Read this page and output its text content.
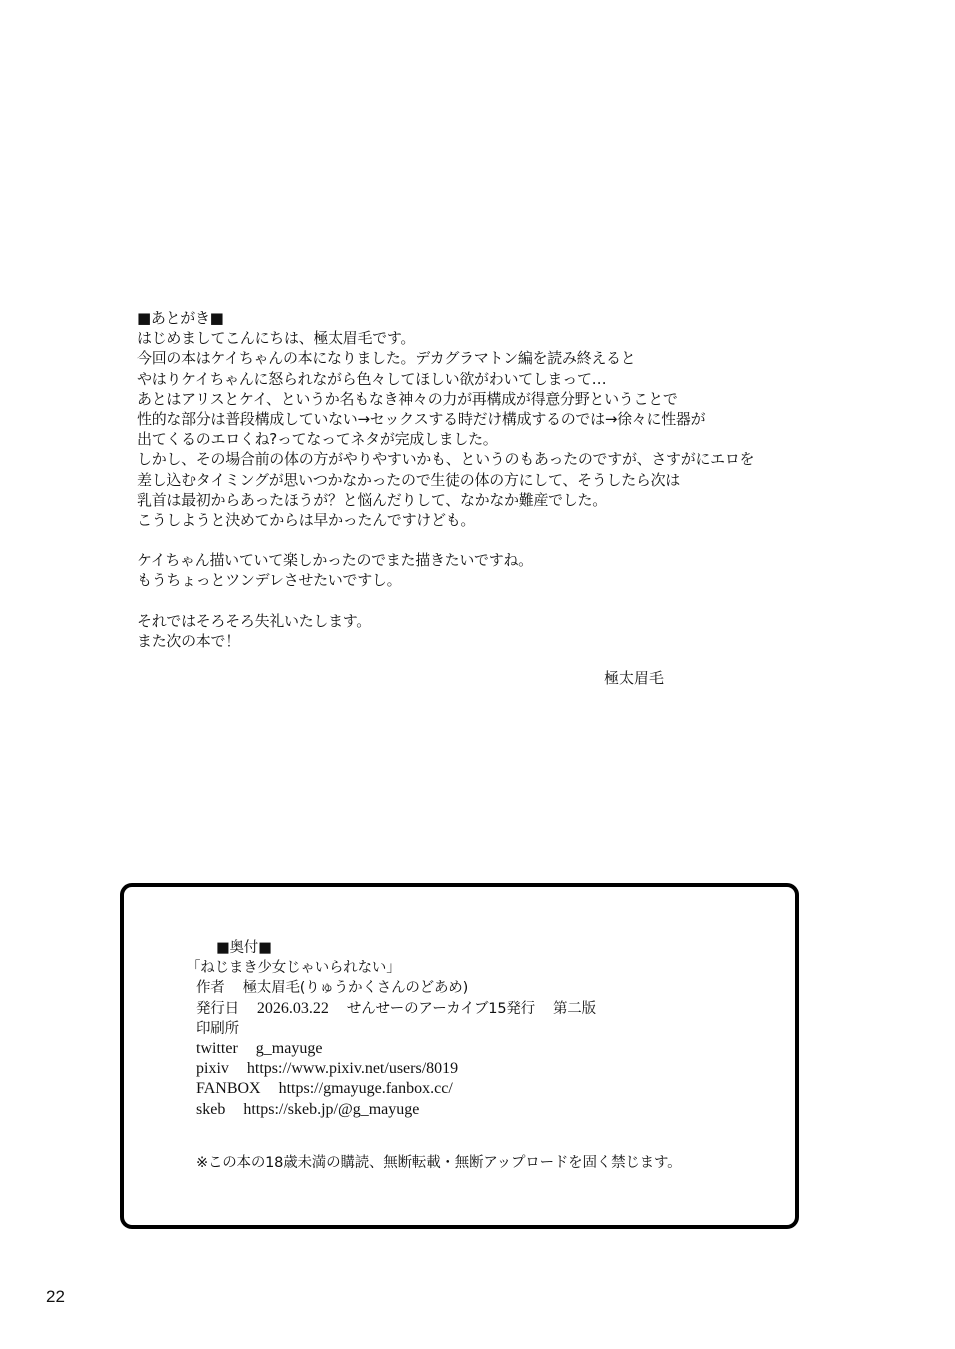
■あとがき■
はじめましてこんにちは、極太眉毛です。
今回の本はケイちゃんの本になりました。デカグラマトン編を読み終えると
やはりケイちゃんに怒られながら色々してほしい欲がわいてしまって…
あとはアリスとケイ、というか名もなき神々の力が再構成が得意分野ということで
性的な部分は普段構成していない→セックスする時だけ構成するのでは→徐々に性器が
出てくるのエロくね?ってなってネタが完成しました。
しかし、その場合前の体の方がやりやすいかも、というのもあったのですが、さすがにエロを
差し込むタイミングが思いつかなかったので生徒の体の方にして、そうしたら次は
乳首は最初からあったほうが？と悩んだりして、なかなか難産でした。
こうしようと決めてからは早かったんですけども。
ケイちゃん描いていて楽しかったのでまた描きたいですね。
もうちょっとツンデレさせたいですし。
それではそろそろ失礼いたします。
また次の本で！
極太眉毛
■奥付■
「ねじまき少女じゃいられない」
作者 極太眉毛(りゅうかくさんのどあめ)
発行日 2026.03.22 せんせーのアーカイブ15発行 第二版
印刷所
twitter g_mayuge
pixiv https://www.pixiv.net/users/8019
FANBOX https://gmayuge.fanbox.cc/
skeb https://skeb.jp/@g_mayuge
※この本の18歳未満の購読、無断転載・無断アップロードを固く禁じます。
22
